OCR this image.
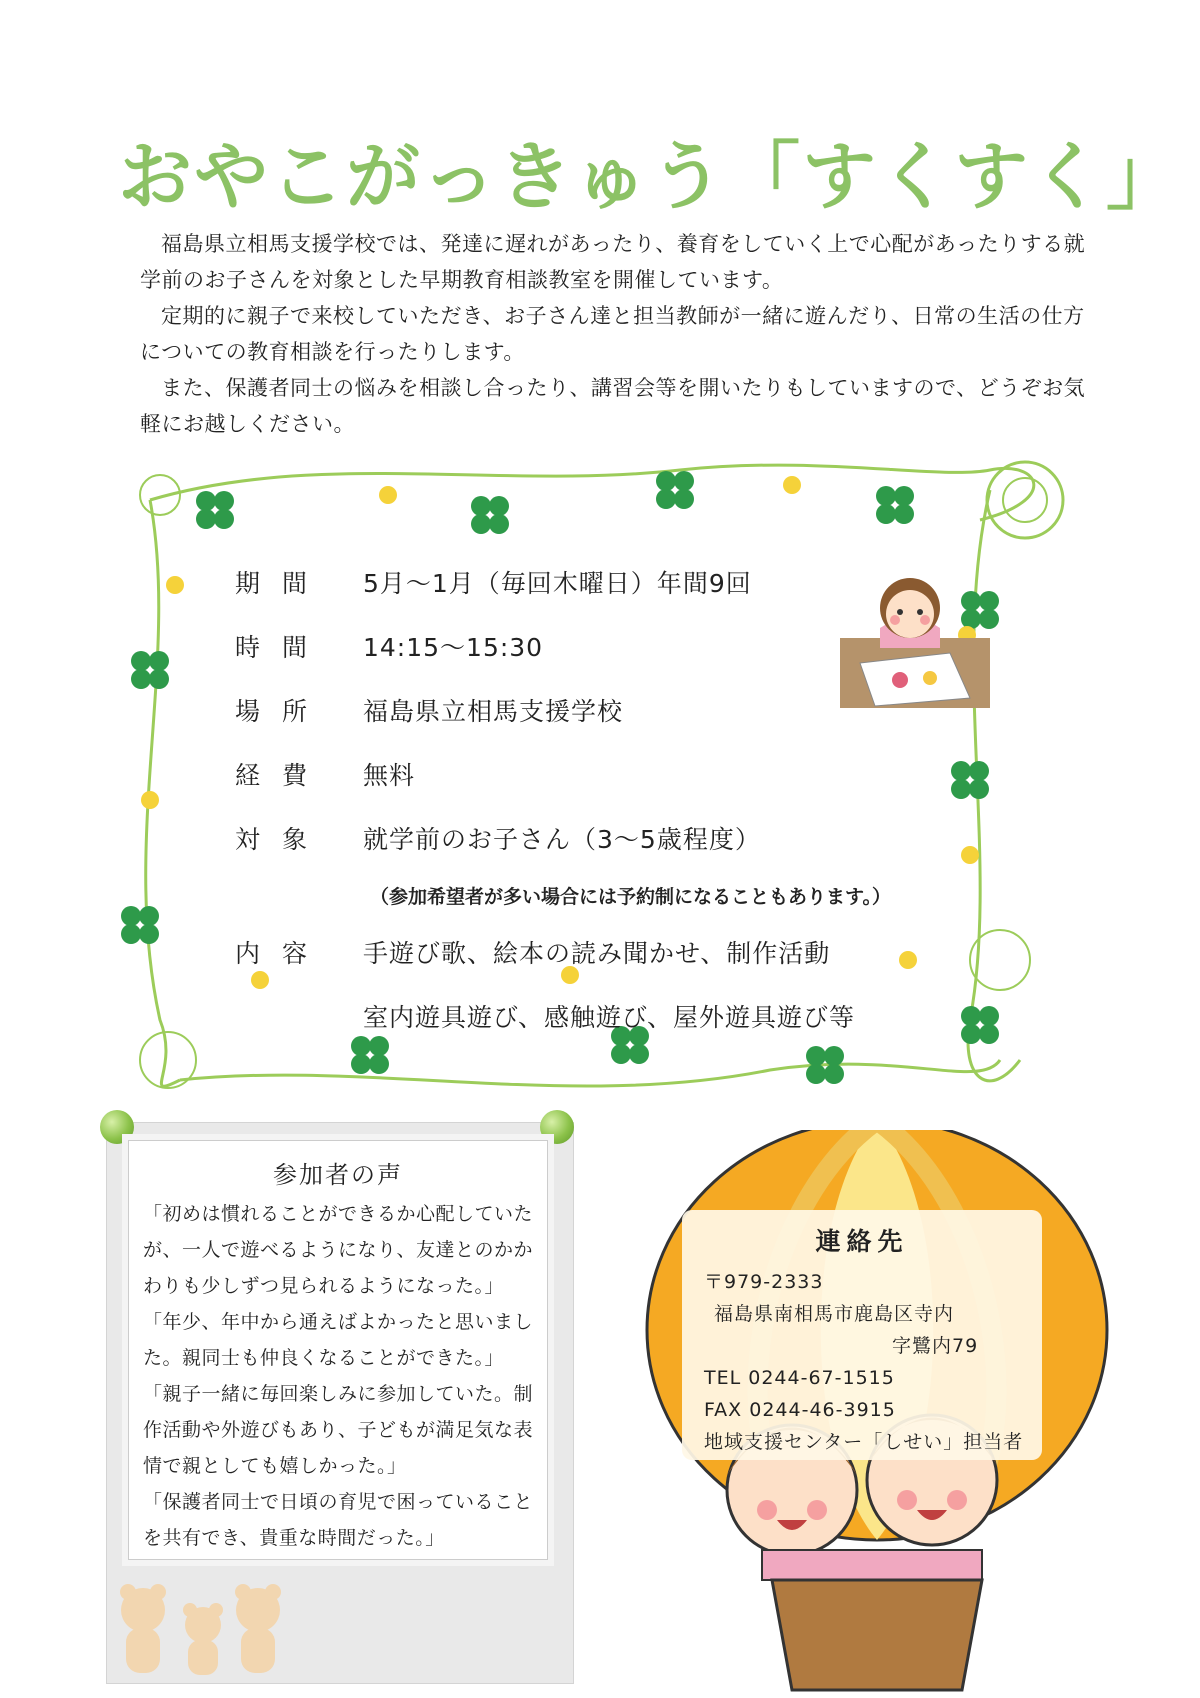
おやこがっきゅう「すくすく」

福島県立相馬支援学校では、発達に遅れがあったり、養育をしていく上で心配があったりする就学前のお子さんを対象とした早期教育相談教室を開催しています。

定期的に親子で来校していただき、お子さん達と担当教師が一緒に遊んだり、日常の生活の仕方についての教育相談を行ったりします。

また、保護者同士の悩みを相談し合ったり、講習会等を開いたりもしていますので、どうぞお気軽にお越しください。

期間	5月～1月（毎回木曜日）年間9回
時間	14:15～15:30
場所	福島県立相馬支援学校
経費	無料
対象	就学前のお子さん（3～5歳程度）
（参加希望者が多い場合には予約制になることもあります。）
内容	手遊び歌、絵本の読み聞かせ、制作活動
室内遊具遊び、感触遊び、屋外遊具遊び等
参加者の声

「初めは慣れることができるか心配していたが、一人で遊べるようになり、友達とのかかわりも少しずつ見られるようになった。」

「年少、年中から通えばよかったと思いました。親同士も仲良くなることができた。」

「親子一緒に毎回楽しみに参加していた。制作活動や外遊びもあり、子どもが満足気な表情で親としても嬉しかった。」

「保護者同士で日頃の育児で困っていることを共有でき、貴重な時間だった。」

連絡先
〒979-2333
福島県南相馬市鹿島区寺内
字鷺内79
TEL 0244-67-1515
FAX 0244-46-3915
地域支援センター「しせい」担当者
